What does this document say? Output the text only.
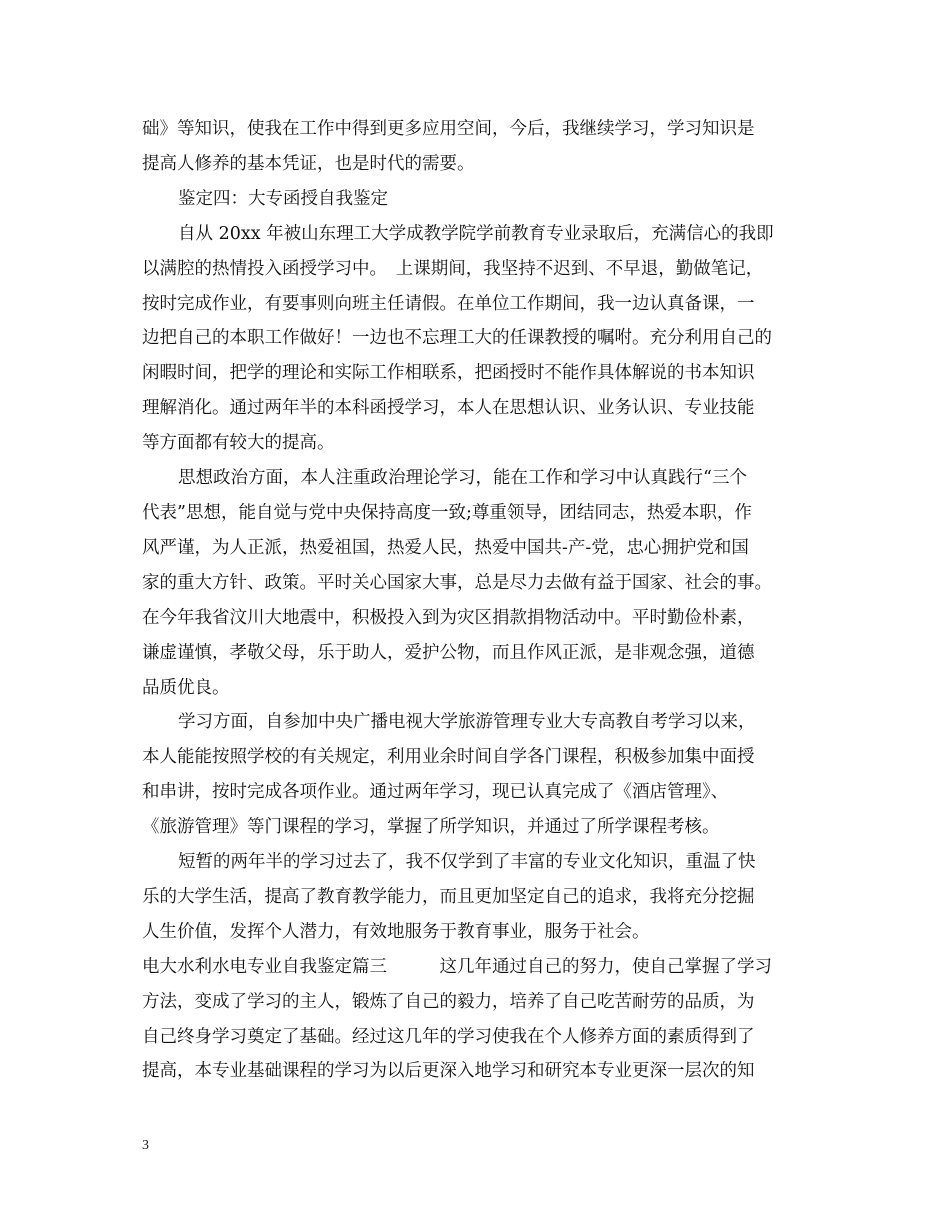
础》等知识，使我在工作中得到更多应用空间，今后，我继续学习，学习知识是

提高人修养的基本凭证，也是时代的需要。

鉴定四：大专函授自我鉴定

自从 20xx 年被山东理工大学成教学院学前教育专业录取后，充满信心的我即

以满腔的热情投入函授学习中。　上课期间，我坚持不迟到、不早退，勤做笔记，

按时完成作业，有要事则向班主任请假。在单位工作期间，我一边认真备课，一

边把自己的本职工作做好！一边也不忘理工大的任课教授的嘱咐。充分利用自己的

闲暇时间，把学的理论和实际工作相联系，把函授时不能作具体解说的书本知识

理解消化。通过两年半的本科函授学习，本人在思想认识、业务认识、专业技能

等方面都有较大的提高。

思想政治方面，本人注重政治理论学习，能在工作和学习中认真践行“三个

代表”思想，能自觉与党中央保持高度一致;尊重领导，团结同志，热爱本职，作

风严谨，为人正派，热爱祖国，热爱人民，热爱中国共-产-党，忠心拥护党和国

家的重大方针、政策。平时关心国家大事，总是尽力去做有益于国家、社会的事。

在今年我省汶川大地震中，积极投入到为灾区捐款捐物活动中。平时勤俭朴素，

谦虚谨慎，孝敬父母，乐于助人，爱护公物，而且作风正派，是非观念强，道德

品质优良。

学习方面，自参加中央广播电视大学旅游管理专业大专高教自考学习以来，

本人能能按照学校的有关规定，利用业余时间自学各门课程，积极参加集中面授

和串讲，按时完成各项作业。通过两年学习，现已认真完成了《酒店管理》、

《旅游管理》等门课程的学习，掌握了所学知识，并通过了所学课程考核。

短暂的两年半的学习过去了，我不仅学到了丰富的专业文化知识，重温了快

乐的大学生活，提高了教育教学能力，而且更加坚定自己的追求，我将充分挖掘

人生价值，发挥个人潜力，有效地服务于教育事业，服务于社会。

电大水利水电专业自我鉴定篇三　　　这几年通过自己的努力，使自己掌握了学习

方法，变成了学习的主人，锻炼了自己的毅力，培养了自己吃苦耐劳的品质，为

自己终身学习奠定了基础。经过这几年的学习使我在个人修养方面的素质得到了

提高，本专业基础课程的学习为以后更深入地学习和研究本专业更深一层次的知

3
